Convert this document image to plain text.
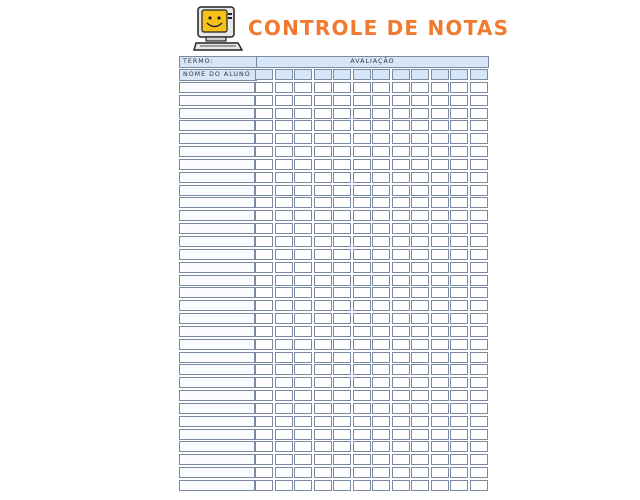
CONTROLE DE NOTAS
TERMO:	AVALIAÇÃO
NOME DO ALUNO
